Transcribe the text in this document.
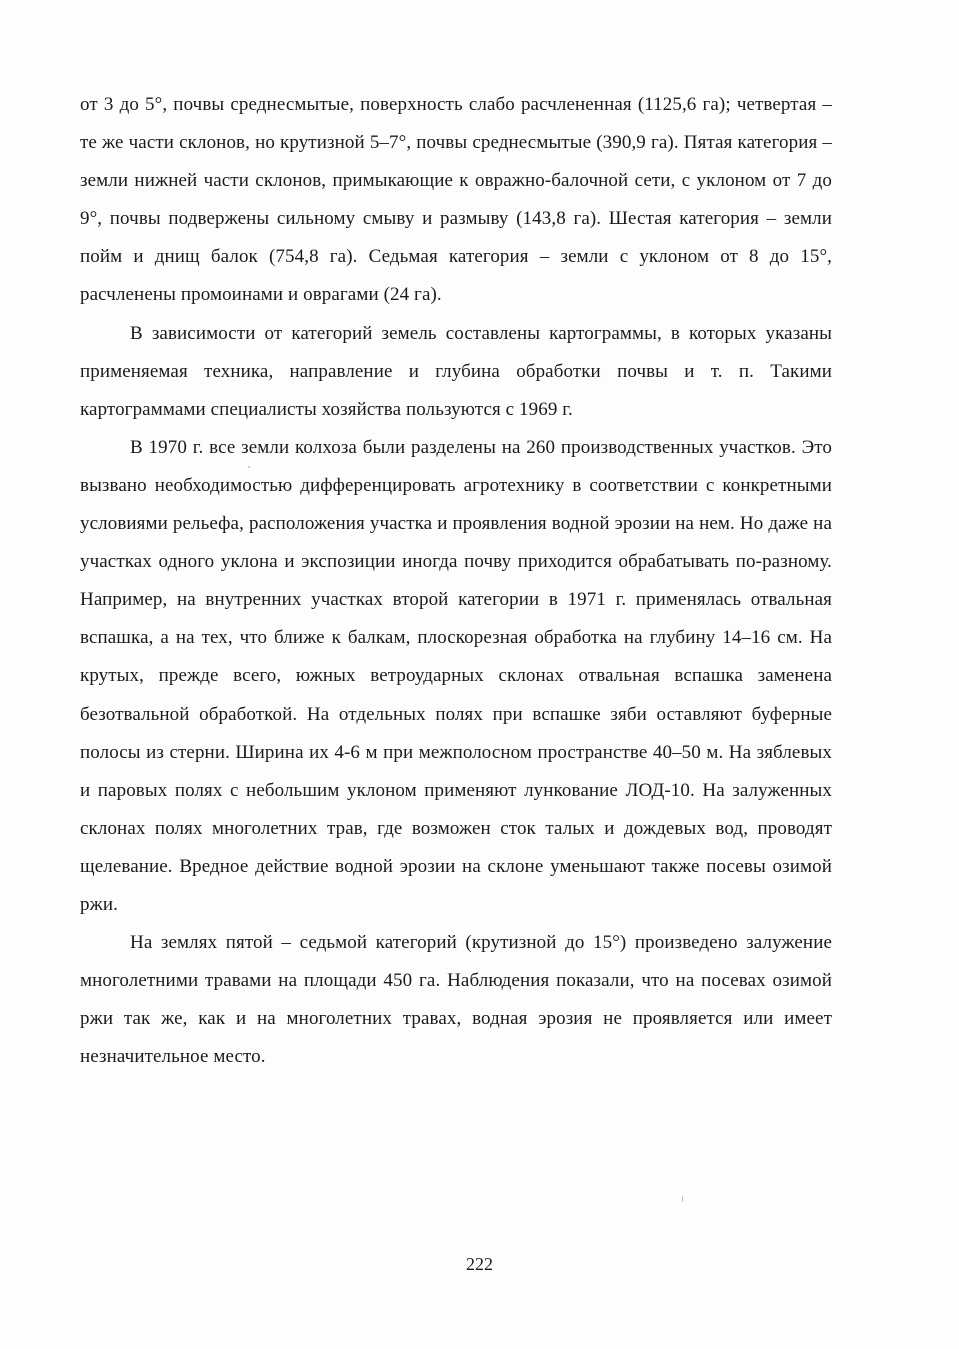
от 3 до 5°, почвы среднесмытые, поверхность слабо расчлененная (1125,6 га); четвертая – те же части склонов, но крутизной 5–7°, почвы среднесмытые (390,9 га). Пятая категория – земли нижней части склонов, примыкающие к овражно-балочной сети, с уклоном от 7 до 9°, почвы подвержены сильному смыву и размыву (143,8 га). Шестая категория – земли пойм и днищ балок (754,8 га). Седьмая категория – земли с уклоном от 8 до 15°, расчленены промоинами и оврагами (24 га).

В зависимости от категорий земель составлены картограммы, в которых указаны применяемая техника, направление и глубина обработки почвы и т. п. Такими картограммами специалисты хозяйства пользуются с 1969 г.

В 1970 г. все земли колхоза были разделены на 260 производственных участков. Это вызвано необходимостью дифференцировать агротехнику в соответствии с конкретными условиями рельефа, расположения участка и проявления водной эрозии на нем. Но даже на участках одного уклона и экспозиции иногда почву приходится обрабатывать по-разному. Например, на внутренних участках второй категории в 1971 г. применялась отвальная вспашка, а на тех, что ближе к балкам, плоскорезная обработка на глубину 14–16 см. На крутых, прежде всего, южных ветроударных склонах отвальная вспашка заменена безотвальной обработкой. На отдельных полях при вспашке зяби оставляют буферные полосы из стерни. Ширина их 4-6 м при межполосном пространстве 40–50 м. На зяблевых и паровых полях с небольшим уклоном применяют лункование ЛОД-10. На залуженных склонах полях многолетних трав, где возможен сток талых и дождевых вод, проводят щелевание. Вредное действие водной эрозии на склоне уменьшают также посевы озимой ржи.

На землях пятой – седьмой категорий (крутизной до 15°) произведено залужение многолетними травами на площади 450 га. Наблюдения показали, что на посевах озимой ржи так же, как и на многолетних травах, водная эрозия не проявляется или имеет незначительное место.

222
